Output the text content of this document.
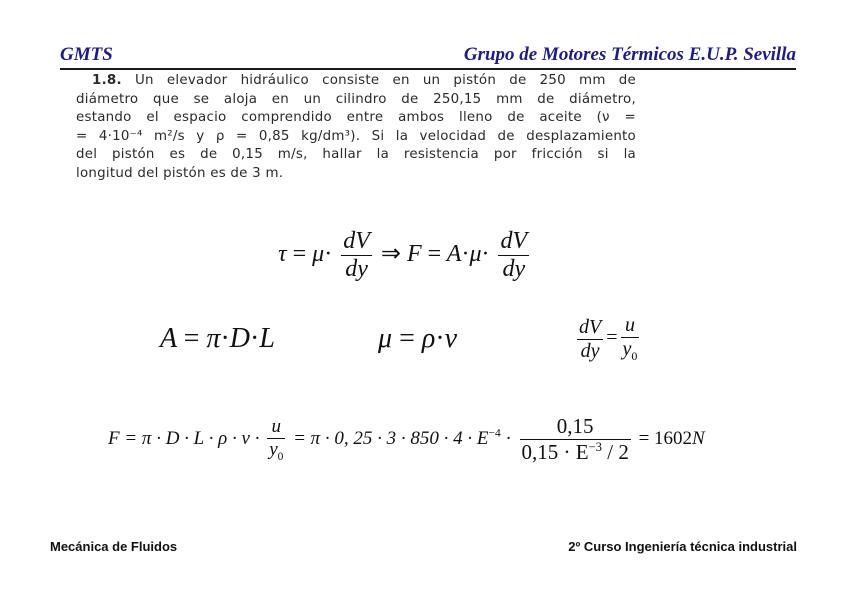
GMTS	Grupo de Motores Térmicos E.U.P. Sevilla

1.8. Un elevador hidráulico consiste en un pistón de 250 mm de

diámetro que se aloja en un cilindro de 250,15 mm de diámetro,

estando el espacio comprendido entre ambos lleno de aceite (ν =

= 4·10⁻⁴ m²/s y ρ = 0,85 kg/dm³). Si la velocidad de desplazamiento

del pistón es de 0,15 m/s, hallar la resistencia por fricción si la

longitud del pistón es de 3 m.

$\tau = \mu\cdot \frac{dV}{dy}$ ⇒ $F = A\cdot\mu\cdot \frac{dV}{dy}$
A = π·D·L	μ = ρ·ν	$\frac{dV}{dy} = \frac{u}{y_0}$
$F = \pi \cdot D \cdot L \cdot \rho \cdot \nu \cdot \frac{u}{y_0} = \pi \cdot 0$, $25 \cdot 3 \cdot 850 \cdot 4 \cdot E^{-4} \cdot \frac{0,15}{0,15 \cdot E^{-3} / 2} = 1602N$
Mecánica de Fluidos	2º Curso Ingeniería técnica industrial
